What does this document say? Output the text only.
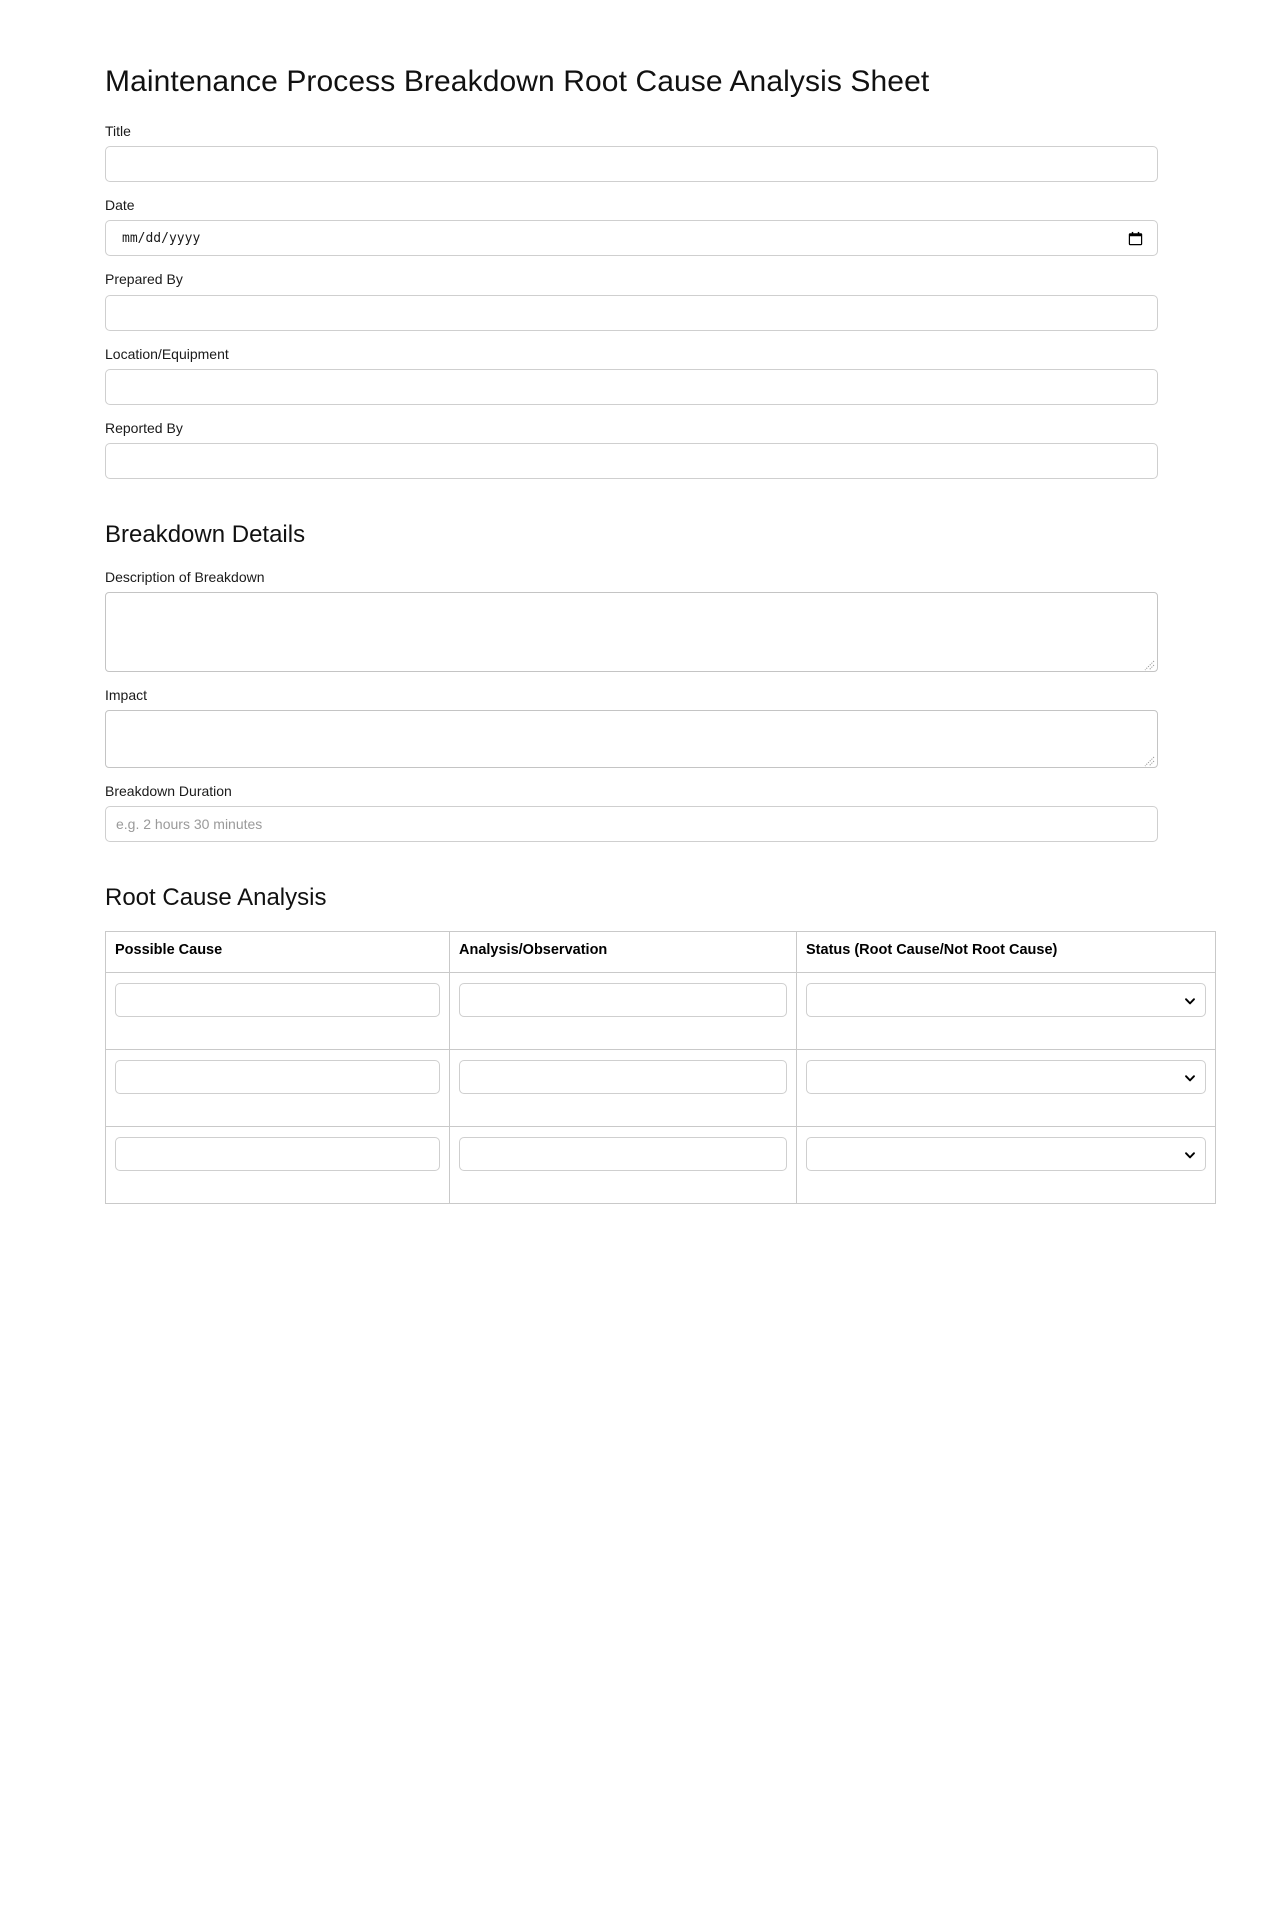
Maintenance Process Breakdown Root Cause Analysis Sheet
Title
Date
mm/dd/yyyy
Prepared By
Location/Equipment
Reported By
Breakdown Details
Description of Breakdown
Impact
Breakdown Duration
e.g. 2 hours 30 minutes
Root Cause Analysis
Possible Cause	Analysis/Observation	Status (Root Cause/Not Root Cause)
